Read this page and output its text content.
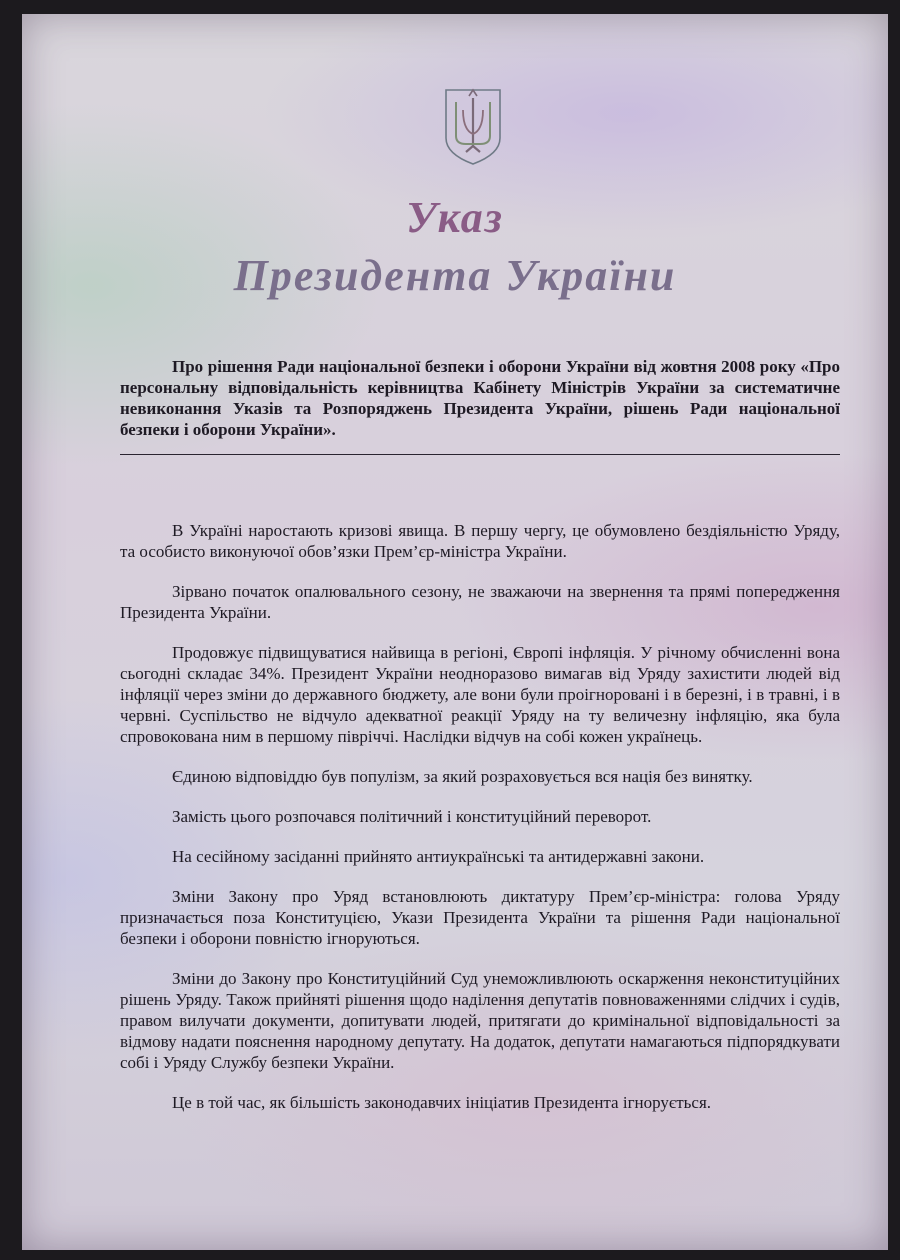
Указ
Президента України
Про рішення Ради національної безпеки і оборони України від жовтня 2008 року «Про персональну відповідальність керівництва Кабінету Міністрів України за систематичне невиконання Указів та Розпоряджень Президента України, рішень Ради національної безпеки і оборони України».

В Україні наростають кризові явища. В першу чергу, це обумовлено бездіяльністю Уряду, та особисто виконуючої обов’язки Прем’єр-міністра України.

Зірвано початок опалювального сезону, не зважаючи на звернення та прямі попередження Президента України.

Продовжує підвищуватися найвища в регіоні, Європі інфляція. У річному обчисленні вона сьогодні складає 34%. Президент України неодноразово вимагав від Уряду захистити людей від інфляції через зміни до державного бюджету, але вони були проігноровані і в березні, і в травні, і в червні. Суспільство не відчуло адекватної реакції Уряду на ту величезну інфляцію, яка була спровокована ним в першому півріччі. Наслідки відчув на собі кожен українець.

Єдиною відповіддю був популізм, за який розраховується вся нація без винятку.

Замість цього розпочався політичний і конституційний переворот.

На сесійному засіданні прийнято антиукраїнські та антидержавні закони.

Зміни Закону про Уряд встановлюють диктатуру Прем’єр-міністра: голова Уряду призначається поза Конституцією, Укази Президента України та рішення Ради національної безпеки і оборони повністю ігноруються.

Зміни до Закону про Конституційний Суд унеможливлюють оскарження неконституційних рішень Уряду. Також прийняті рішення щодо наділення депутатів повноваженнями слідчих і судів, правом вилучати документи, допитувати людей, притягати до кримінальної відповідальності за відмову надати пояснення народному депутату. На додаток, депутати намагаються підпорядкувати собі і Уряду Службу безпеки України.

Це в той час, як більшість законодавчих ініціатив Президента ігнорується.
